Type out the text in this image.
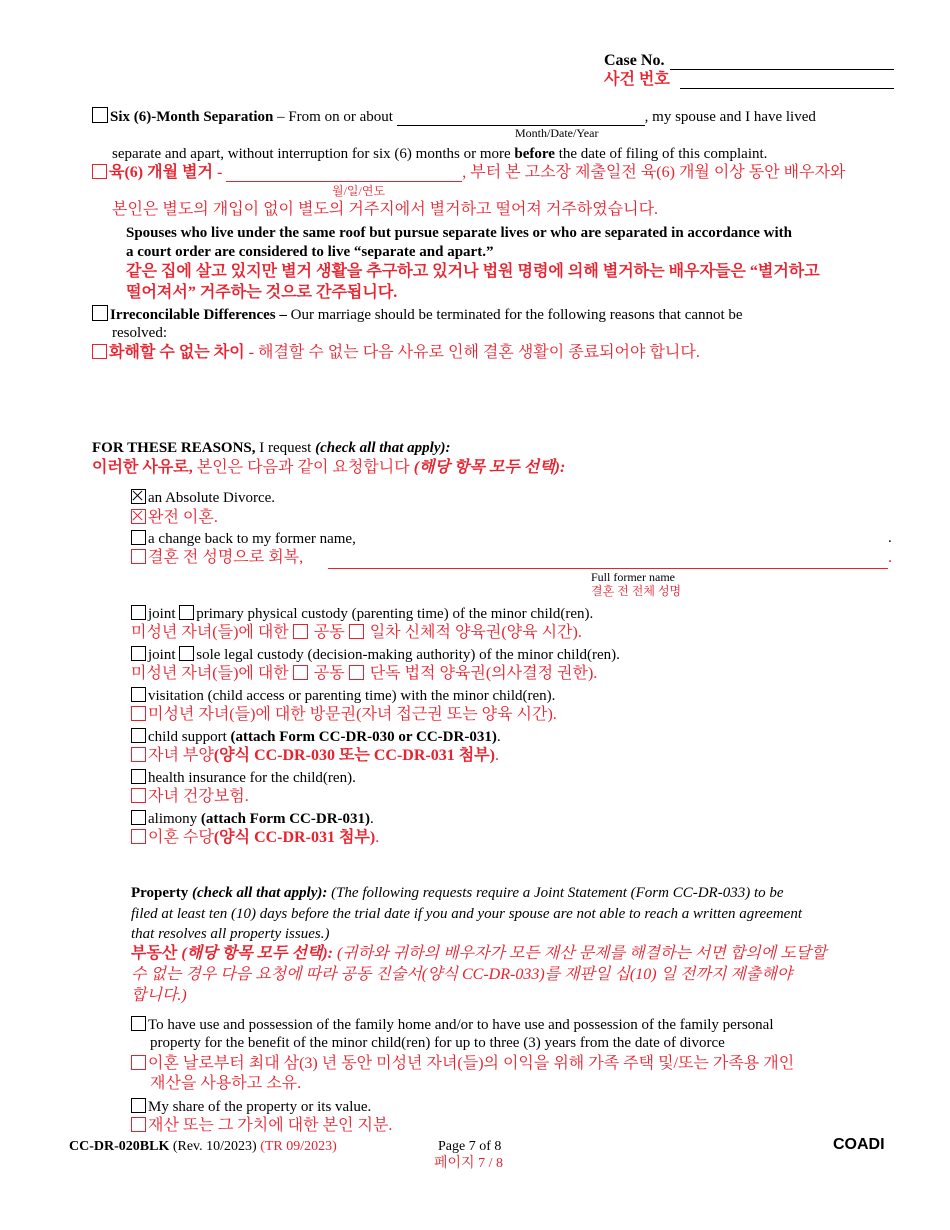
Case No.
사건 번호
Six (6)-Month Separation – From on or about	, my spouse and I have lived
Month/Date/Year
separate and apart, without interruption for six (6) months or more before the date of filing of this complaint.
육(6) 개월 별거 -	, 부터 본 고소장 제출일전 육(6) 개월 이상 동안 배우자와
월/일/연도
본인은 별도의 개입이 없이 별도의 거주지에서 별거하고 떨어져 거주하였습니다.
Spouses who live under the same roof but pursue separate lives or who are separated in accordance with
a court order are considered to live “separate and apart.”
같은 집에 살고 있지만 별거 생활을 추구하고 있거나 법원 명령에 의해 별거하는 배우자들은 “별거하고
떨어져서” 거주하는 것으로 간주됩니다.
Irreconcilable Differences – Our marriage should be terminated for the following reasons that cannot be
resolved:
화해할 수 없는 차이 - 해결할 수 없는 다음 사유로 인해 결혼 생활이 종료되어야 합니다.
FOR THESE REASONS, I request (check all that apply):
이러한 사유로, 본인은 다음과 같이 요청합니다 (해당 항목 모두 선택):
an Absolute Divorce.
완전 이혼.
a change back to my former name,	.
결혼 전 성명으로 회복,	.
Full former name
결혼 전 전체 성명
joint primary physical custody (parenting time) of the minor child(ren).
미성년 자녀(들)에 대한 공동 일차 신체적 양육권(양육 시간).
joint sole legal custody (decision-making authority) of the minor child(ren).
미성년 자녀(들)에 대한 공동 단독 법적 양육권(의사결정 권한).
visitation (child access or parenting time) with the minor child(ren).
미성년 자녀(들)에 대한 방문권(자녀 접근권 또는 양육 시간).
child support (attach Form CC-DR-030 or CC-DR-031).
자녀 부양(양식 CC-DR-030 또는 CC-DR-031 첨부).
health insurance for the child(ren).
자녀 건강보험.
alimony (attach Form CC-DR-031).
이혼 수당(양식 CC-DR-031 첨부).
Property (check all that apply): (The following requests require a Joint Statement (Form CC-DR-033) to be
filed at least ten (10) days before the trial date if you and your spouse are not able to reach a written agreement
that resolves all property issues.)
부동산 (해당 항목 모두 선택): (귀하와 귀하의 배우자가 모든 재산 문제를 해결하는 서면 합의에 도달할
수 없는 경우 다음 요청에 따라 공동 진술서(양식 CC-DR-033)를 재판일 십(10) 일 전까지 제출해야
합니다.)
To have use and possession of the family home and/or to have use and possession of the family personal
property for the benefit of the minor child(ren) for up to three (3) years from the date of divorce
이혼 날로부터 최대 삼(3) 년 동안 미성년 자녀(들)의 이익을 위해 가족 주택 및/또는 가족용 개인
재산을 사용하고 소유.
My share of the property or its value.
재산 또는 그 가치에 대한 본인 지분.
CC-DR-020BLK (Rev. 10/2023) (TR 09/2023)	Page 7 of 8
페이지 7 / 8
COADI
